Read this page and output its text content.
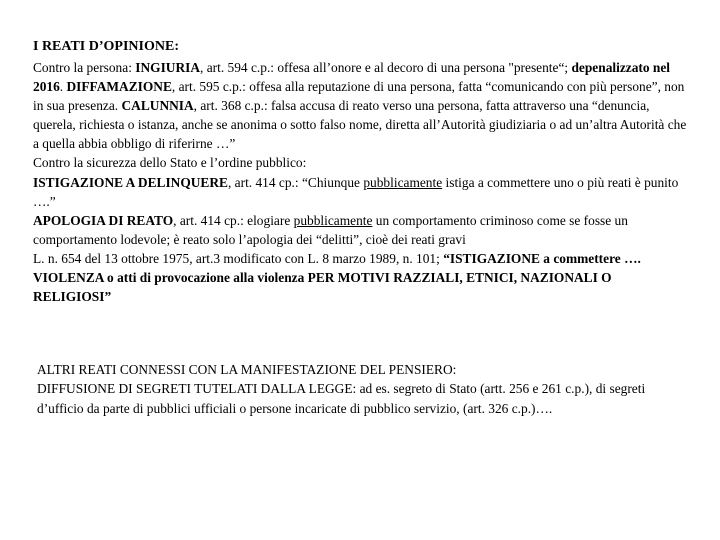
I REATI D’OPINIONE:
Contro la persona: INGIURIA, art. 594 c.p.: offesa all’onore e al decoro di una persona "presente“; depenalizzato nel 2016. DIFFAMAZIONE, art. 595 c.p.: offesa alla reputazione di una persona, fatta “comunicando con più persone”, non in sua presenza. CALUNNIA, art. 368 c.p.: falsa accusa di reato verso una persona, fatta attraverso una “denuncia, querela, richiesta o istanza, anche se anonima o sotto falso nome, diretta all’Autorità giudiziaria o ad un’altra Autorità che a quella abbia obbligo di riferirne …”
Contro la sicurezza dello Stato e l’ordine pubblico:
ISTIGAZIONE A DELINQUERE, art. 414 cp.: “Chiunque pubblicamente istiga a commettere uno o più reati è punito ….”
APOLOGIA DI REATO, art. 414 cp.: elogiare pubblicamente un comportamento criminoso come se fosse un comportamento lodevole; è reato solo l’apologia dei “delitti”, cioè dei reati gravi
L. n. 654 del 13 ottobre 1975, art.3 modificato con L. 8 marzo 1989, n. 101; “ISTIGAZIONE a commettere …. VIOLENZA o atti di provocazione alla violenza PER MOTIVI RAZZIALI, ETNICI, NAZIONALI O RELIGIOSI”
ALTRI REATI CONNESSI CON LA MANIFESTAZIONE DEL PENSIERO:
DIFFUSIONE DI SEGRETI TUTELATI DALLA LEGGE: ad es. segreto di Stato (artt. 256 e 261 c.p.), di segreti d’ufficio da parte di pubblici ufficiali o persone incaricate di pubblico servizio, (art. 326 c.p.)….
